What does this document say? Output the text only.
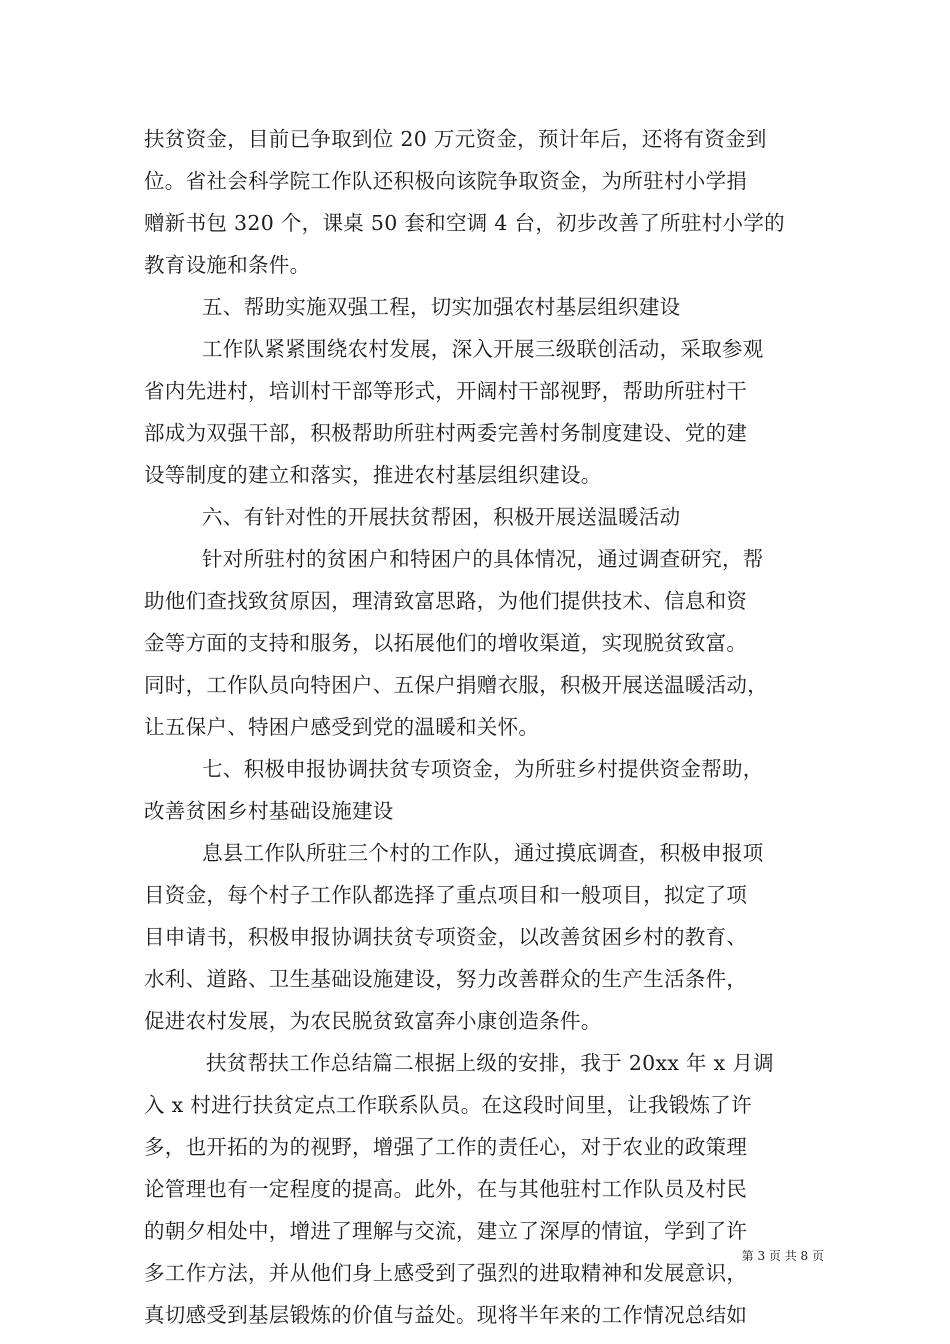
扶贫资金，目前已争取到位 20 万元资金，预计年后，还将有资金到
位。省社会科学院工作队还积极向该院争取资金，为所驻村小学捐
赠新书包 320 个，课桌 50 套和空调 4 台，初步改善了所驻村小学的
教育设施和条件。

五、帮助实施双强工程，切实加强农村基层组织建设

工作队紧紧围绕农村发展，深入开展三级联创活动，采取参观
省内先进村，培训村干部等形式，开阔村干部视野，帮助所驻村干
部成为双强干部，积极帮助所驻村两委完善村务制度建设、党的建
设等制度的建立和落实，推进农村基层组织建设。

六、有针对性的开展扶贫帮困，积极开展送温暖活动

针对所驻村的贫困户和特困户的具体情况，通过调查研究，帮
助他们查找致贫原因，理清致富思路，为他们提供技术、信息和资
金等方面的支持和服务，以拓展他们的增收渠道，实现脱贫致富。
同时，工作队员向特困户、五保户捐赠衣服，积极开展送温暖活动，
让五保户、特困户感受到党的温暖和关怀。

七、积极申报协调扶贫专项资金，为所驻乡村提供资金帮助，
改善贫困乡村基础设施建设

息县工作队所驻三个村的工作队，通过摸底调查，积极申报项
目资金，每个村子工作队都选择了重点项目和一般项目，拟定了项
目申请书，积极申报协调扶贫专项资金，以改善贫困乡村的教育、
水利、道路、卫生基础设施建设，努力改善群众的生产生活条件，
促进农村发展，为农民脱贫致富奔小康创造条件。

扶贫帮扶工作总结篇二根据上级的安排，我于 20xx 年 x 月调
入 x 村进行扶贫定点工作联系队员。在这段时间里，让我锻炼了许
多，也开拓的为的视野，增强了工作的责任心，对于农业的政策理
论管理也有一定程度的提高。此外，在与其他驻村工作队员及村民
的朝夕相处中，增进了理解与交流，建立了深厚的情谊，学到了许
多工作方法，并从他们身上感受到了强烈的进取精神和发展意识，
真切感受到基层锻炼的价值与益处。现将半年来的工作情况总结如

第 3 页 共 8 页
